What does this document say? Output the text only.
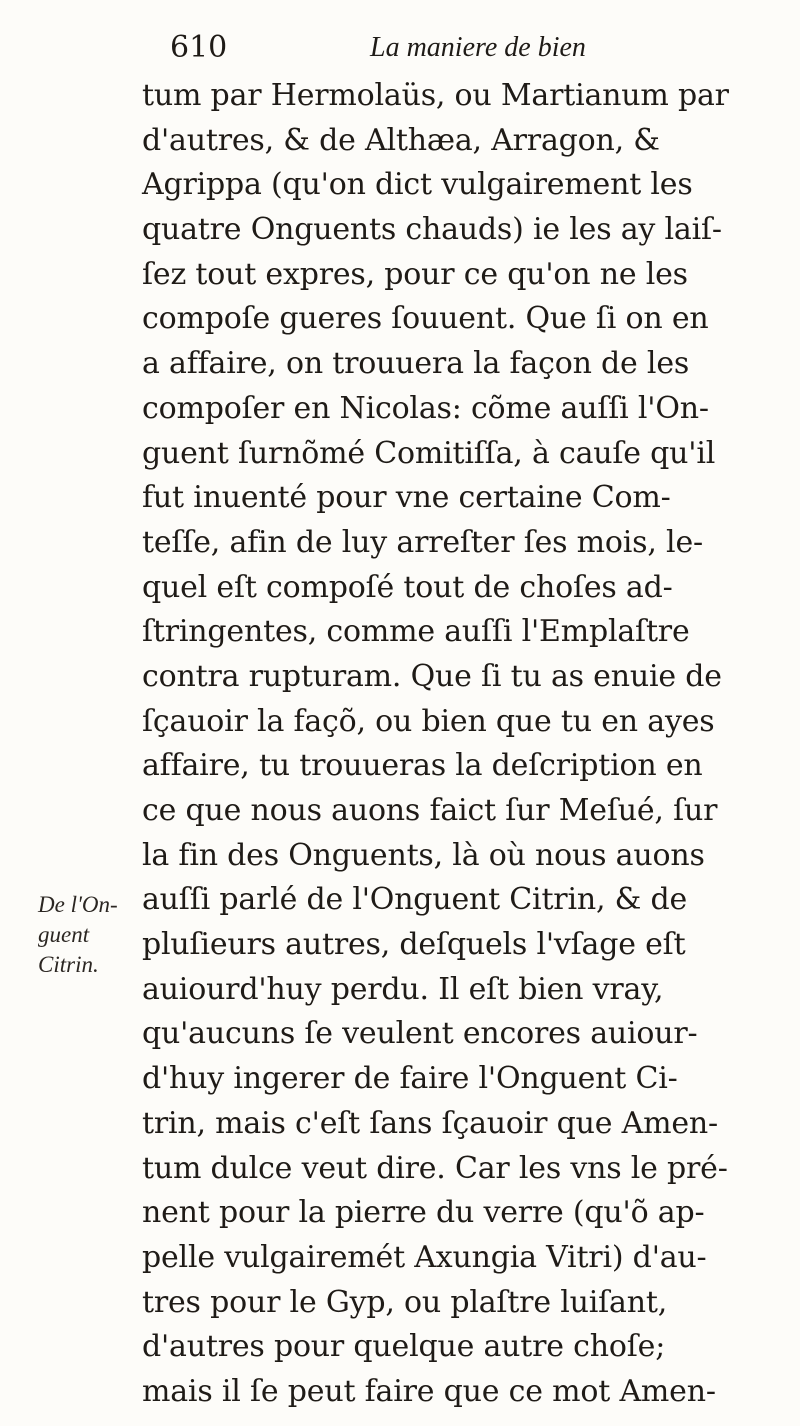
610	La maniere de bien
De l'On-
guent
Citrin.
tum par Hermolaüs, ou Martianum par
d'autres, & de Althæa, Arragon, &
Agrippa (qu'on dict vulgairement les
quatre Onguents chauds) ie les ay laiſ-
ſez tout expres, pour ce qu'on ne les
compoſe gueres ſouuent. Que ſi on en
a affaire, on trouuera la façon de les
compoſer en Nicolas: cõme auſſi l'On-
guent ſurnõmé Comitiſſa, à cauſe qu'il
fut inuenté pour vne certaine Com-
teſſe, afin de luy arreſter ſes mois, le-
quel eſt compoſé tout de choſes ad-
ſtringentes, comme auſſi l'Emplaſtre
contra rupturam. Que ſi tu as enuie de
ſçauoir la façõ, ou bien que tu en ayes
affaire, tu trouueras la deſcription en
ce que nous auons faict ſur Meſué, ſur
la fin des Onguents, là où nous auons
auſſi parlé de l'Onguent Citrin, & de
pluſieurs autres, deſquels l'vſage eſt
auiourd'huy perdu. Il eſt bien vray,
qu'aucuns ſe veulent encores auiour-
d'huy ingerer de faire l'Onguent Ci-
trin, mais c'eſt ſans ſçauoir que Amen-
tum dulce veut dire. Car les vns le pré-
nent pour la pierre du verre (qu'õ ap-
pelle vulgairemét Axungia Vitri) d'au-
tres pour le Gyp, ou plaſtre luiſant,
d'autres pour quelque autre choſe;
mais il ſe peut faire que ce mot Amen-
